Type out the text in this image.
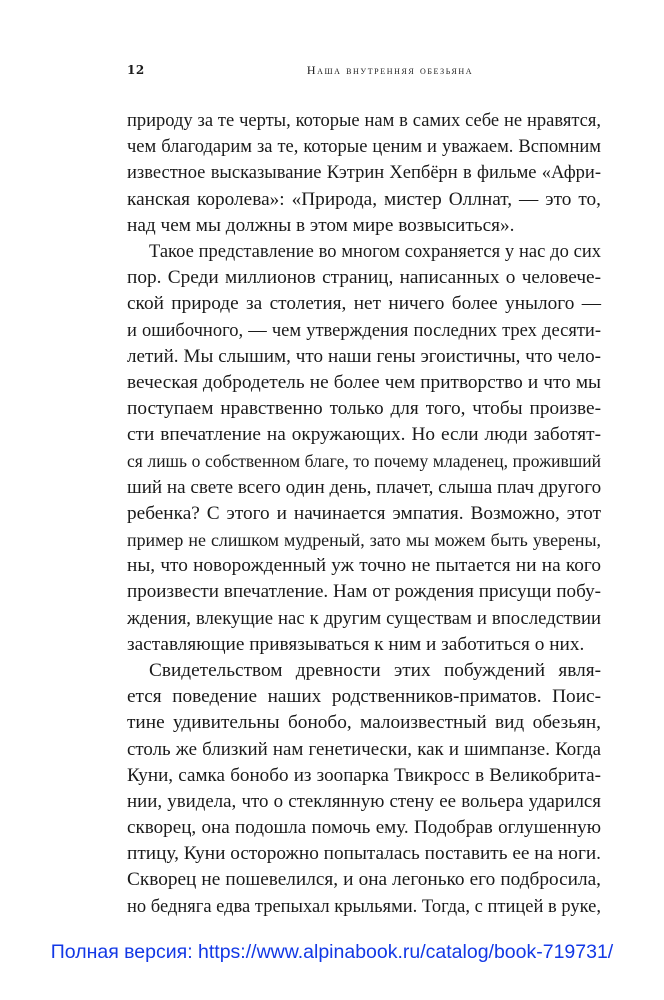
12	Наша внутренняя обезьяна
природу за те черты, которые нам в самих себе не нравятся,
чем благодарим за те, которые ценим и уважаем. Вспомним
известное высказывание Кэтрин Хепбёрн в фильме «Афри-
канская королева»: «Природа, мистер Оллнат, — это то,
над чем мы должны в этом мире возвыситься».
Такое представление во многом сохраняется у нас до сих
пор. Среди миллионов страниц, написанных о человече-
ской природе за столетия, нет ничего более унылого —
и ошибочного, — чем утверждения последних трех десяти-
летий. Мы слышим, что наши гены эгоистичны, что чело-
веческая добродетель не более чем притворство и что мы
поступаем нравственно только для того, чтобы произве-
сти впечатление на окружающих. Но если люди заботят-
ся лишь о собственном благе, то почему младенец, проживший
ший на свете всего один день, плачет, слыша плач другого
ребенка? С этого и начинается эмпатия. Возможно, этот
пример не слишком мудреный, зато мы можем быть уверены,
ны, что новорожденный уж точно не пытается ни на кого
произвести впечатление. Нам от рождения присущи побу-
ждения, влекущие нас к другим существам и впоследствии
заставляющие привязываться к ним и заботиться о них.
Свидетельством древности этих побуждений явля-
ется поведение наших родственников-приматов. Поис-
тине удивительны бонобо, малоизвестный вид обезьян,
столь же близкий нам генетически, как и шимпанзе. Когда
Куни, самка бонобо из зоопарка Твикросс в Великобрита-
нии, увидела, что о стеклянную стену ее вольера ударился
скворец, она подошла помочь ему. Подобрав оглушенную
птицу, Куни осторожно попыталась поставить ее на ноги.
Скворец не пошевелился, и она легонько его подбросила,
но бедняга едва трепыхал крыльями. Тогда, с птицей в руке,
Полная версия: https://www.alpinabook.ru/catalog/book-719731/
